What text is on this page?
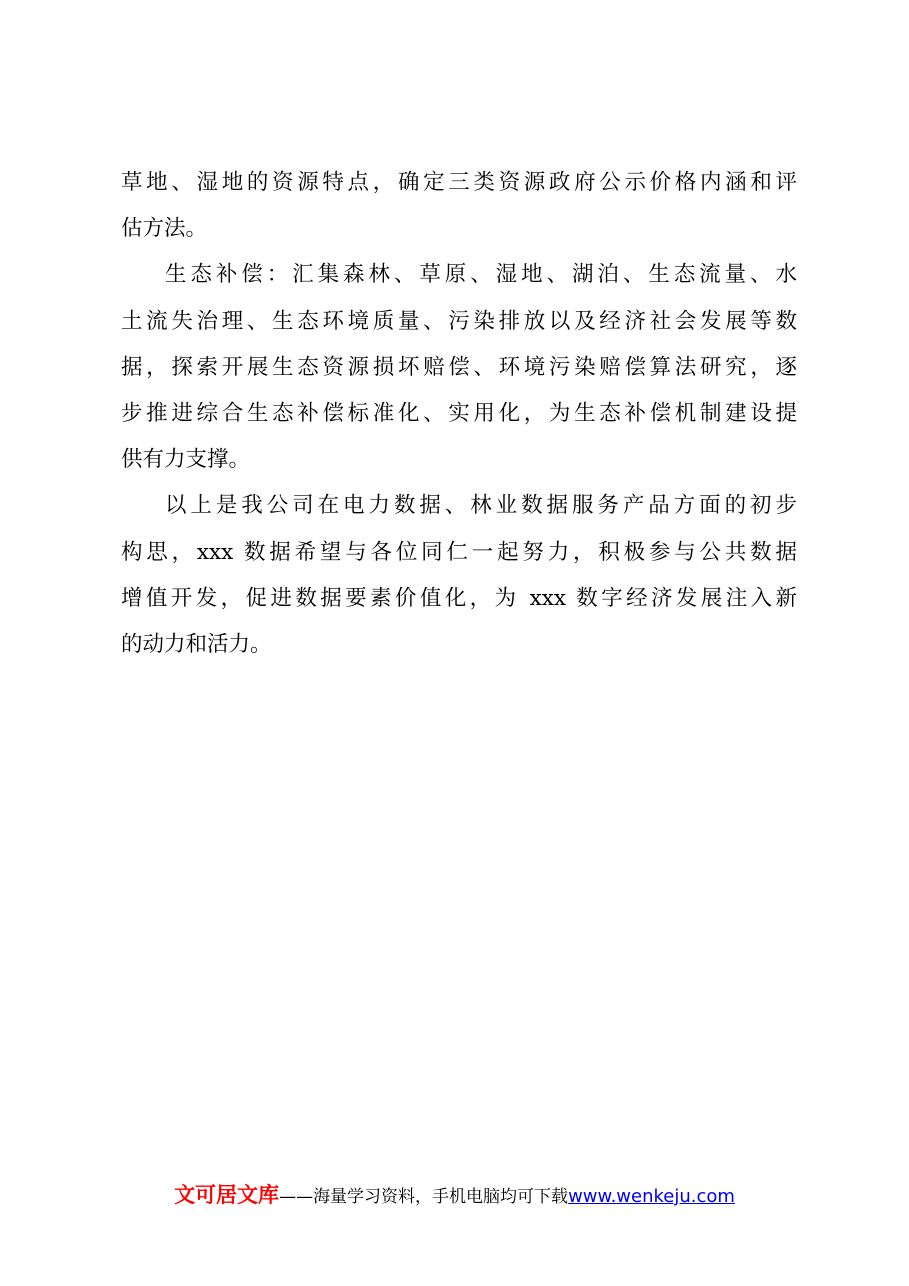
草地、湿地的资源特点，确定三类资源政府公示价格内涵和评
估方法。
生态补偿：汇集森林、草原、湿地、湖泊、生态流量、水
土流失治理、生态环境质量、污染排放以及经济社会发展等数
据，探索开展生态资源损坏赔偿、环境污染赔偿算法研究，逐
步推进综合生态补偿标准化、实用化，为生态补偿机制建设提
供有力支撑。
以上是我公司在电力数据、林业数据服务产品方面的初步
构思，xxx 数据希望与各位同仁一起努力，积极参与公共数据
增值开发，促进数据要素价值化，为 xxx 数字经济发展注入新
的动力和活力。
文可居文库——海量学习资料，手机电脑均可下载www.wenkeju.com
